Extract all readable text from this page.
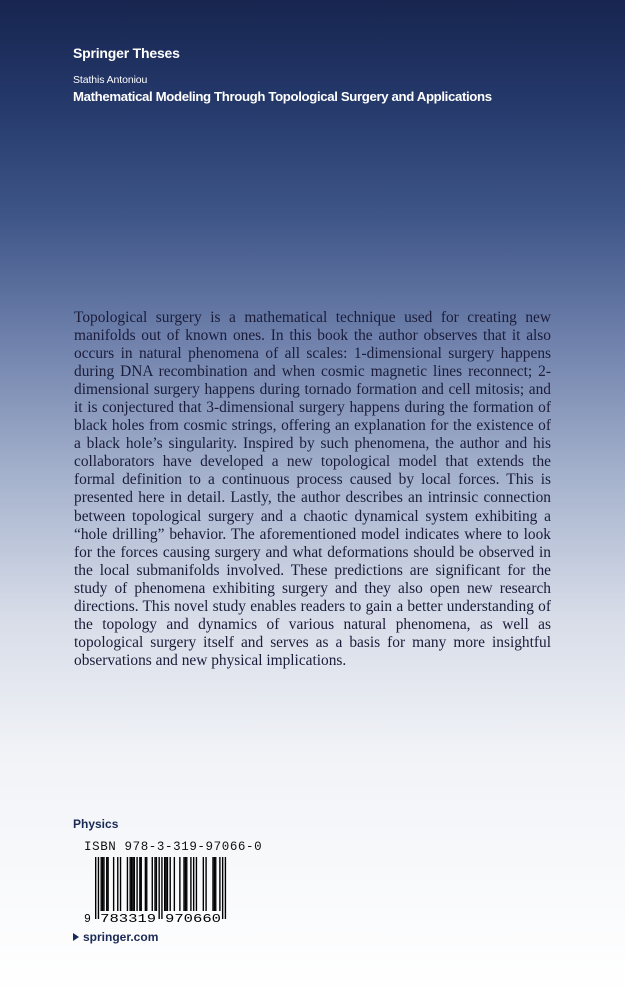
Springer Theses
Stathis Antoniou
Mathematical Modeling Through Topological Surgery and Applications

Topological surgery is a mathematical technique used for creating new manifolds out of known ones. In this book the author observes that it also occurs in natural phenomena of all scales: 1-dimensional surgery happens during DNA recombination and when cosmic magnetic lines reconnect; 2-dimensional surgery happens during tornado formation and cell mitosis; and it is conjectured that 3-dimensional surgery happens during the formation of black holes from cosmic strings, offering an explanation for the existence of a black hole’s singularity. Inspired by such phenomena, the author and his collaborators have developed a new topological model that extends the formal definition to a continuous process caused by local forces. This is presented here in detail. Lastly, the author describes an intrinsic connection between topological surgery and a chaotic dynamical system exhibiting a “hole drilling” behavior. The aforementioned model indicates where to look for the forces causing surgery and what deformations should be observed in the local submanifolds involved. These predictions are significant for the study of phenomena exhibiting surgery and they also open new research directions. This novel study enables readers to gain a better understanding of the topology and dynamics of various natural phenomena, as well as topological surgery itself and serves as a basis for many more insightful observations and new physical implications.

Physics
ISBN 978-3-319-97066-0
9 783319 970660
springer.com
